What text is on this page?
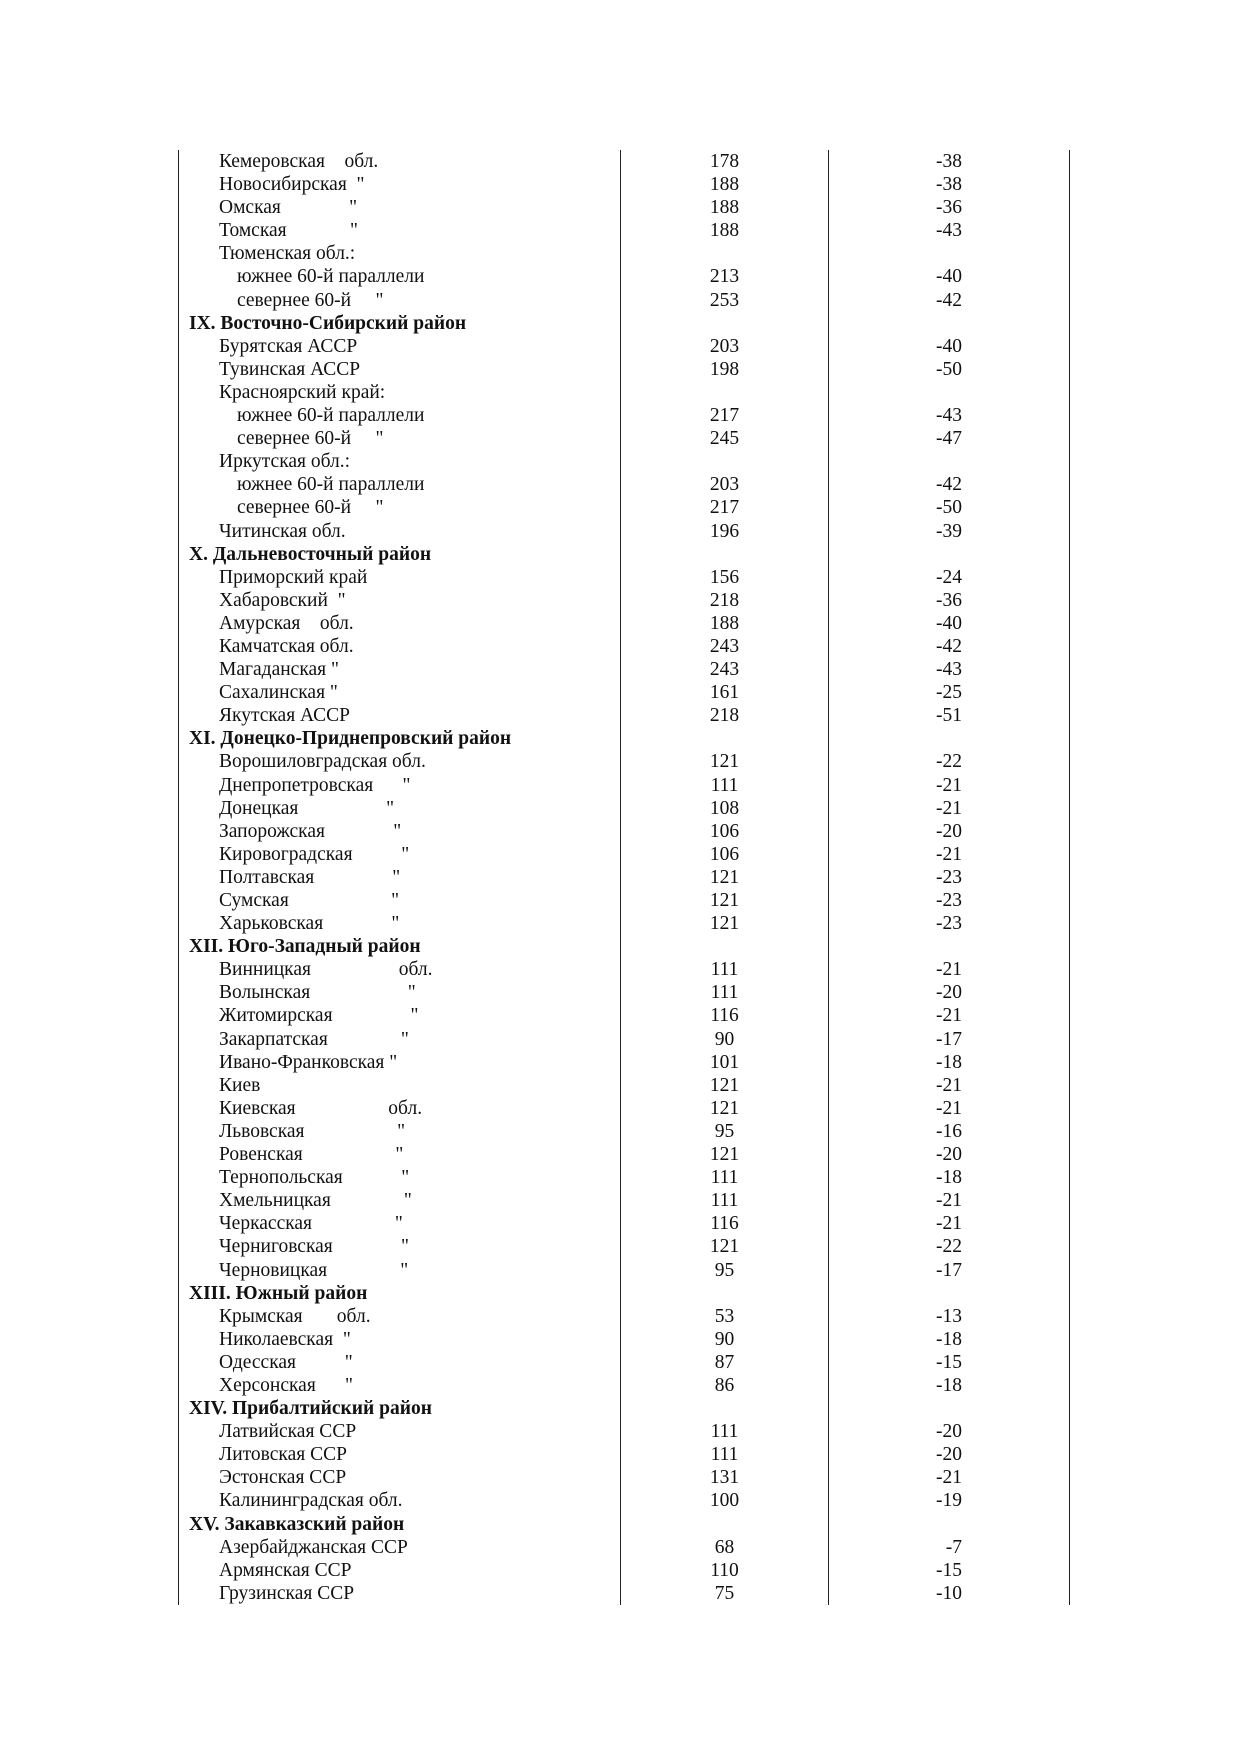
Кемеровская    обл.	178	-38
Новосибирская  "	188	-38
Омская              "	188	-36
Томская             "	188	-43
Тюменская обл.:		
южнее 60-й параллели	213	-40
севернее 60-й     "	253	-42
IX. Восточно-Сибирский район		
Бурятская АССР	203	-40
Тувинская АССР	198	-50
Красноярский край:		
южнее 60-й параллели	217	-43
севернее 60-й     "	245	-47
Иркутская обл.:		
южнее 60-й параллели	203	-42
севернее 60-й     "	217	-50
Читинская обл.	196	-39
X. Дальневосточный район		
Приморский край	156	-24
Хабаровский  "	218	-36
Амурская    обл.	188	-40
Камчатская обл.	243	-42
Магаданская "	243	-43
Сахалинская "	161	-25
Якутская АССР	218	-51
XI. Донецко-Приднепровский район		
Ворошиловградская обл.	121	-22
Днепропетровская      "	111	-21
Донецкая                  "	108	-21
Запорожская              "	106	-20
Кировоградская          "	106	-21
Полтавская                "	121	-23
Сумская                     "	121	-23
Харьковская              "	121	-23
XII. Юго-Западный район		
Винницкая                  обл.	111	-21
Волынская                    "	111	-20
Житомирская                "	116	-21
Закарпатская               "	90	-17
Ивано-Франковская "	101	-18
Киев	121	-21
Киевская                   обл.	121	-21
Львовская                   "	95	-16
Ровенская                   "	121	-20
Тернопольская            "	111	-18
Хмельницкая               "	111	-21
Черкасская                 "	116	-21
Черниговская              "	121	-22
Черновицкая               "	95	-17
XIII. Южный район		
Крымская       обл.	53	-13
Николаевская  "	90	-18
Одесская          "	87	-15
Херсонская      "	86	-18
XIV. Прибалтийский район		
Латвийская ССР	111	-20
Литовская ССР	111	-20
Эстонская ССР	131	-21
Калининградская обл.	100	-19
XV. Закавказский район		
Азербайджанская ССР	68	-7
Армянская ССР	110	-15
Грузинская ССР	75	-10
